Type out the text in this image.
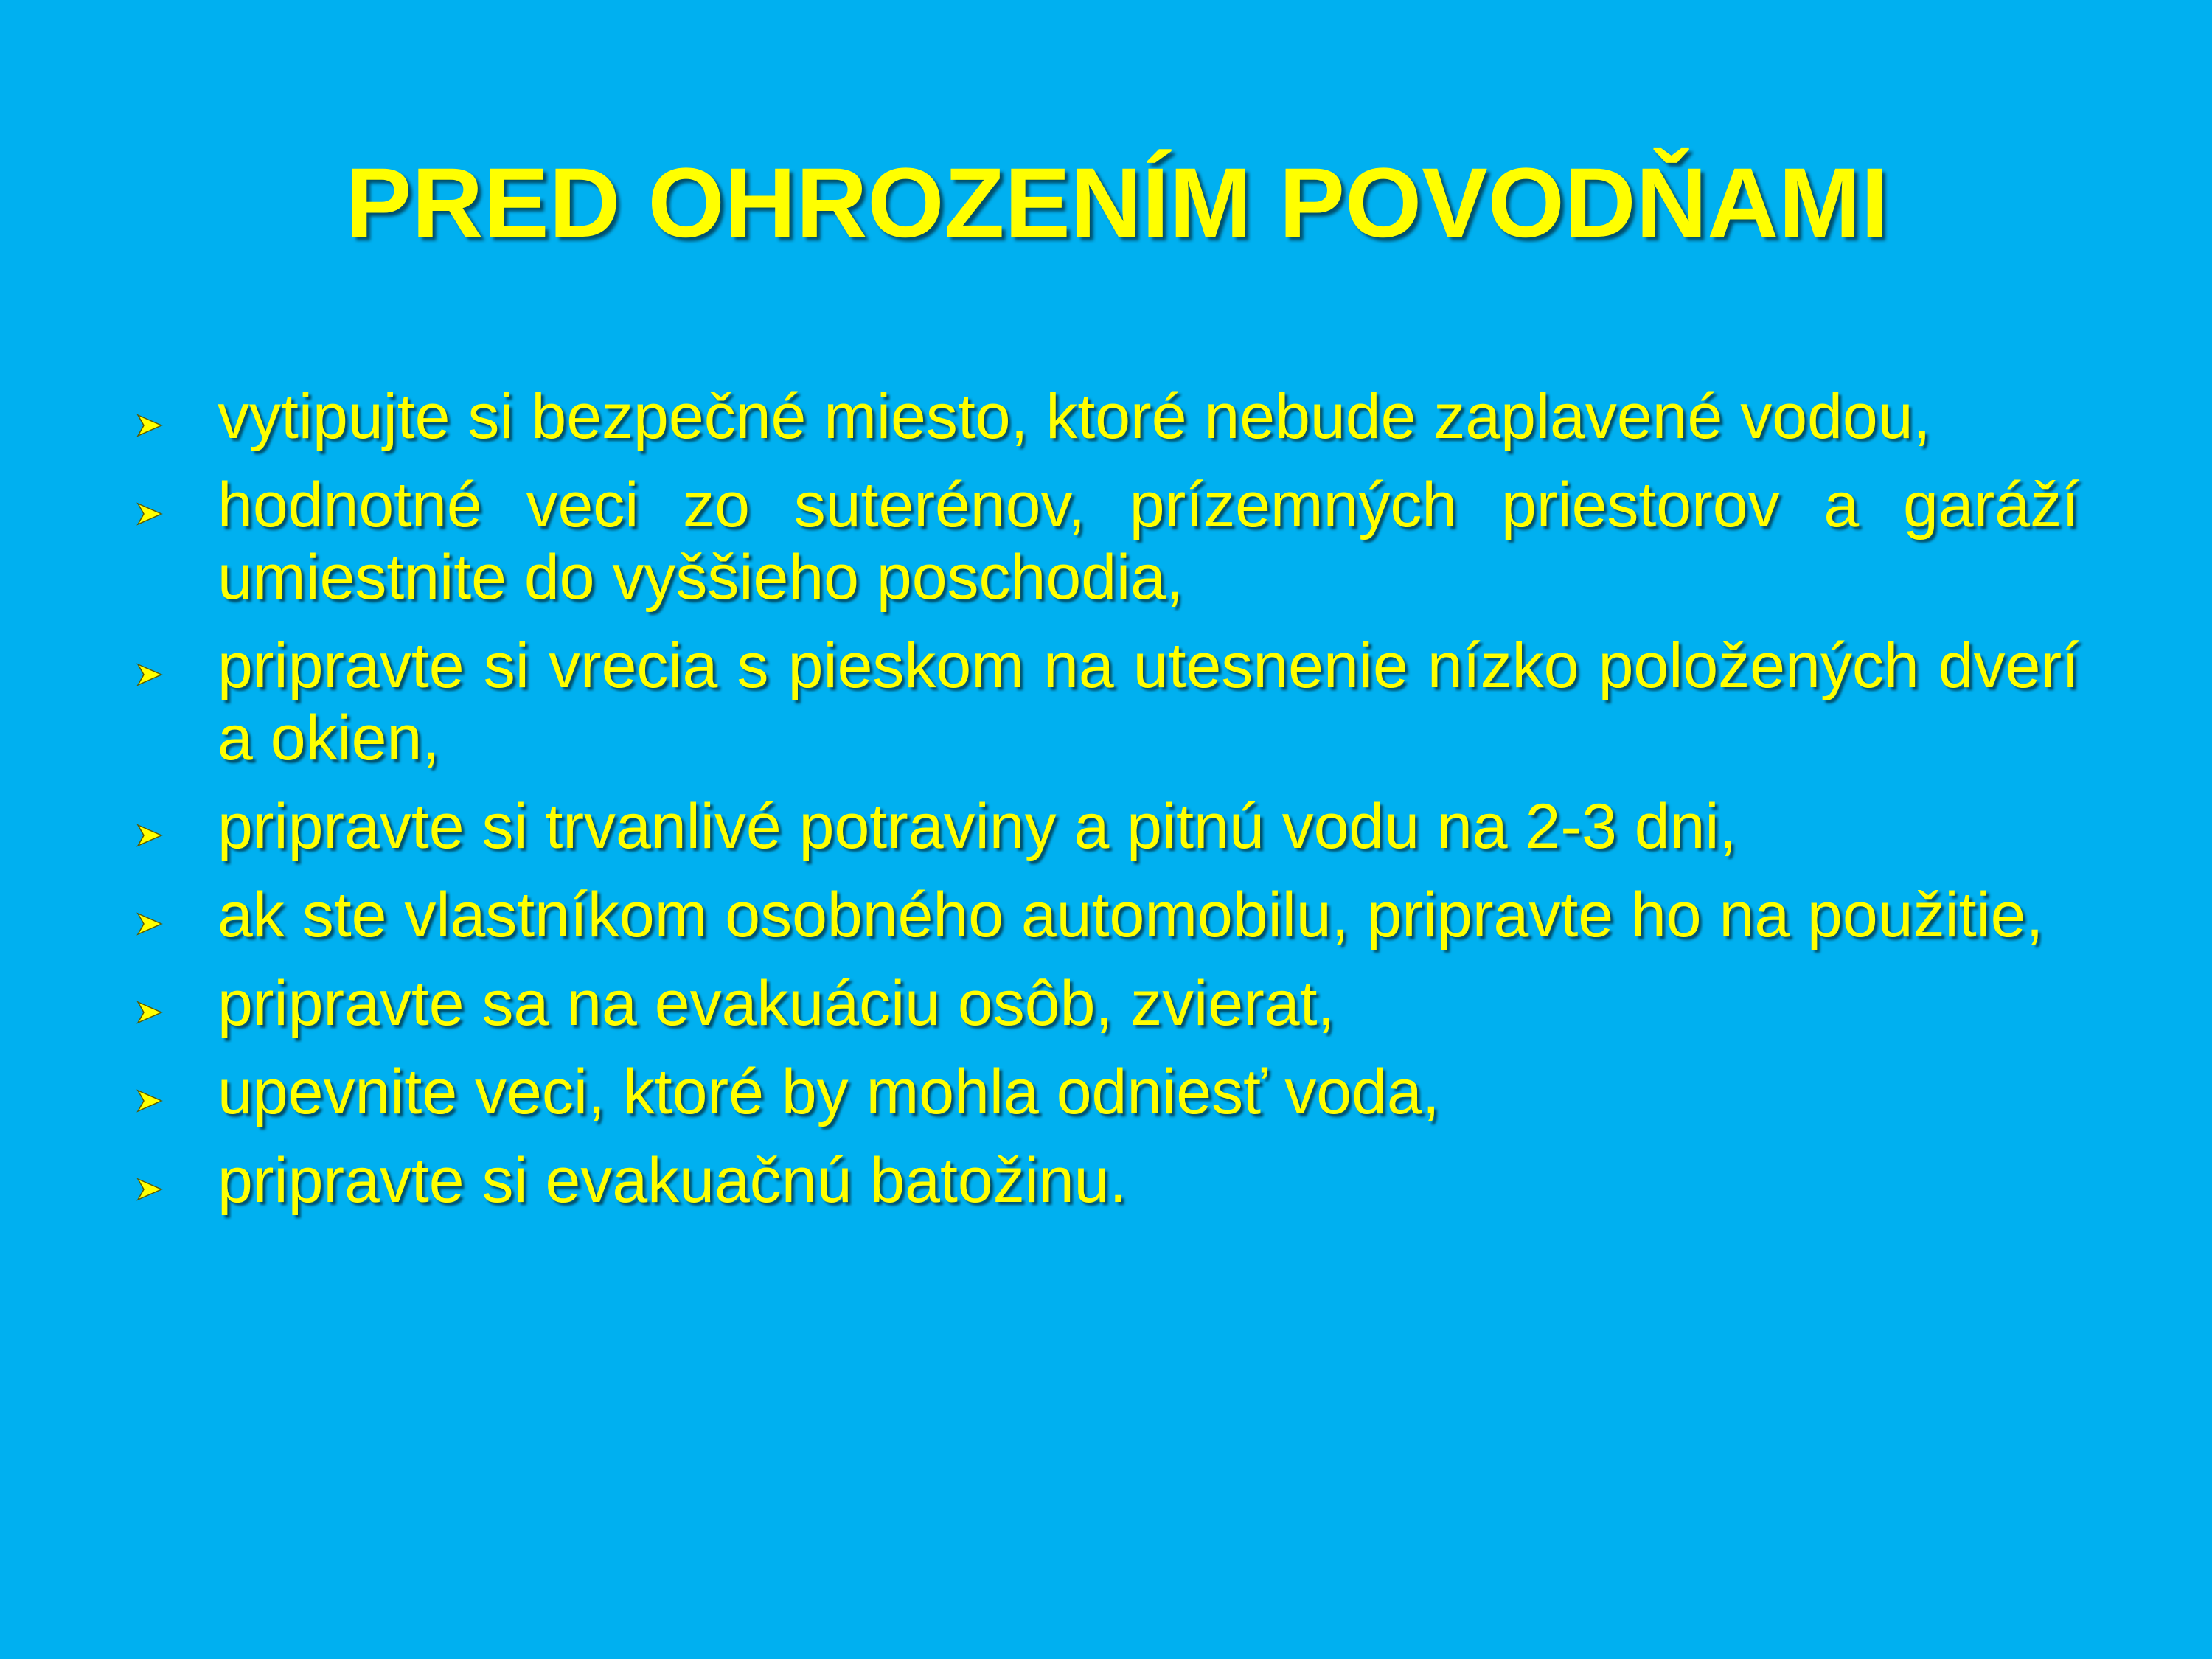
PRED OHROZENÍM POVODŇAMI
vytipujte si bezpečné miesto, ktoré nebude zaplavené vodou,
hodnotné veci zo suterénov, prízemných priestorov a garáží umiestnite do vyššieho poschodia,
pripravte si vrecia s pieskom na utesnenie nízko položených dverí a okien,
pripravte si trvanlivé potraviny a pitnú vodu na 2-3 dni,
ak ste vlastníkom osobného automobilu, pripravte ho na použitie,
pripravte sa na evakuáciu osôb, zvierat,
upevnite veci, ktoré by mohla odniesť voda,
pripravte si evakuačnú batožinu.
